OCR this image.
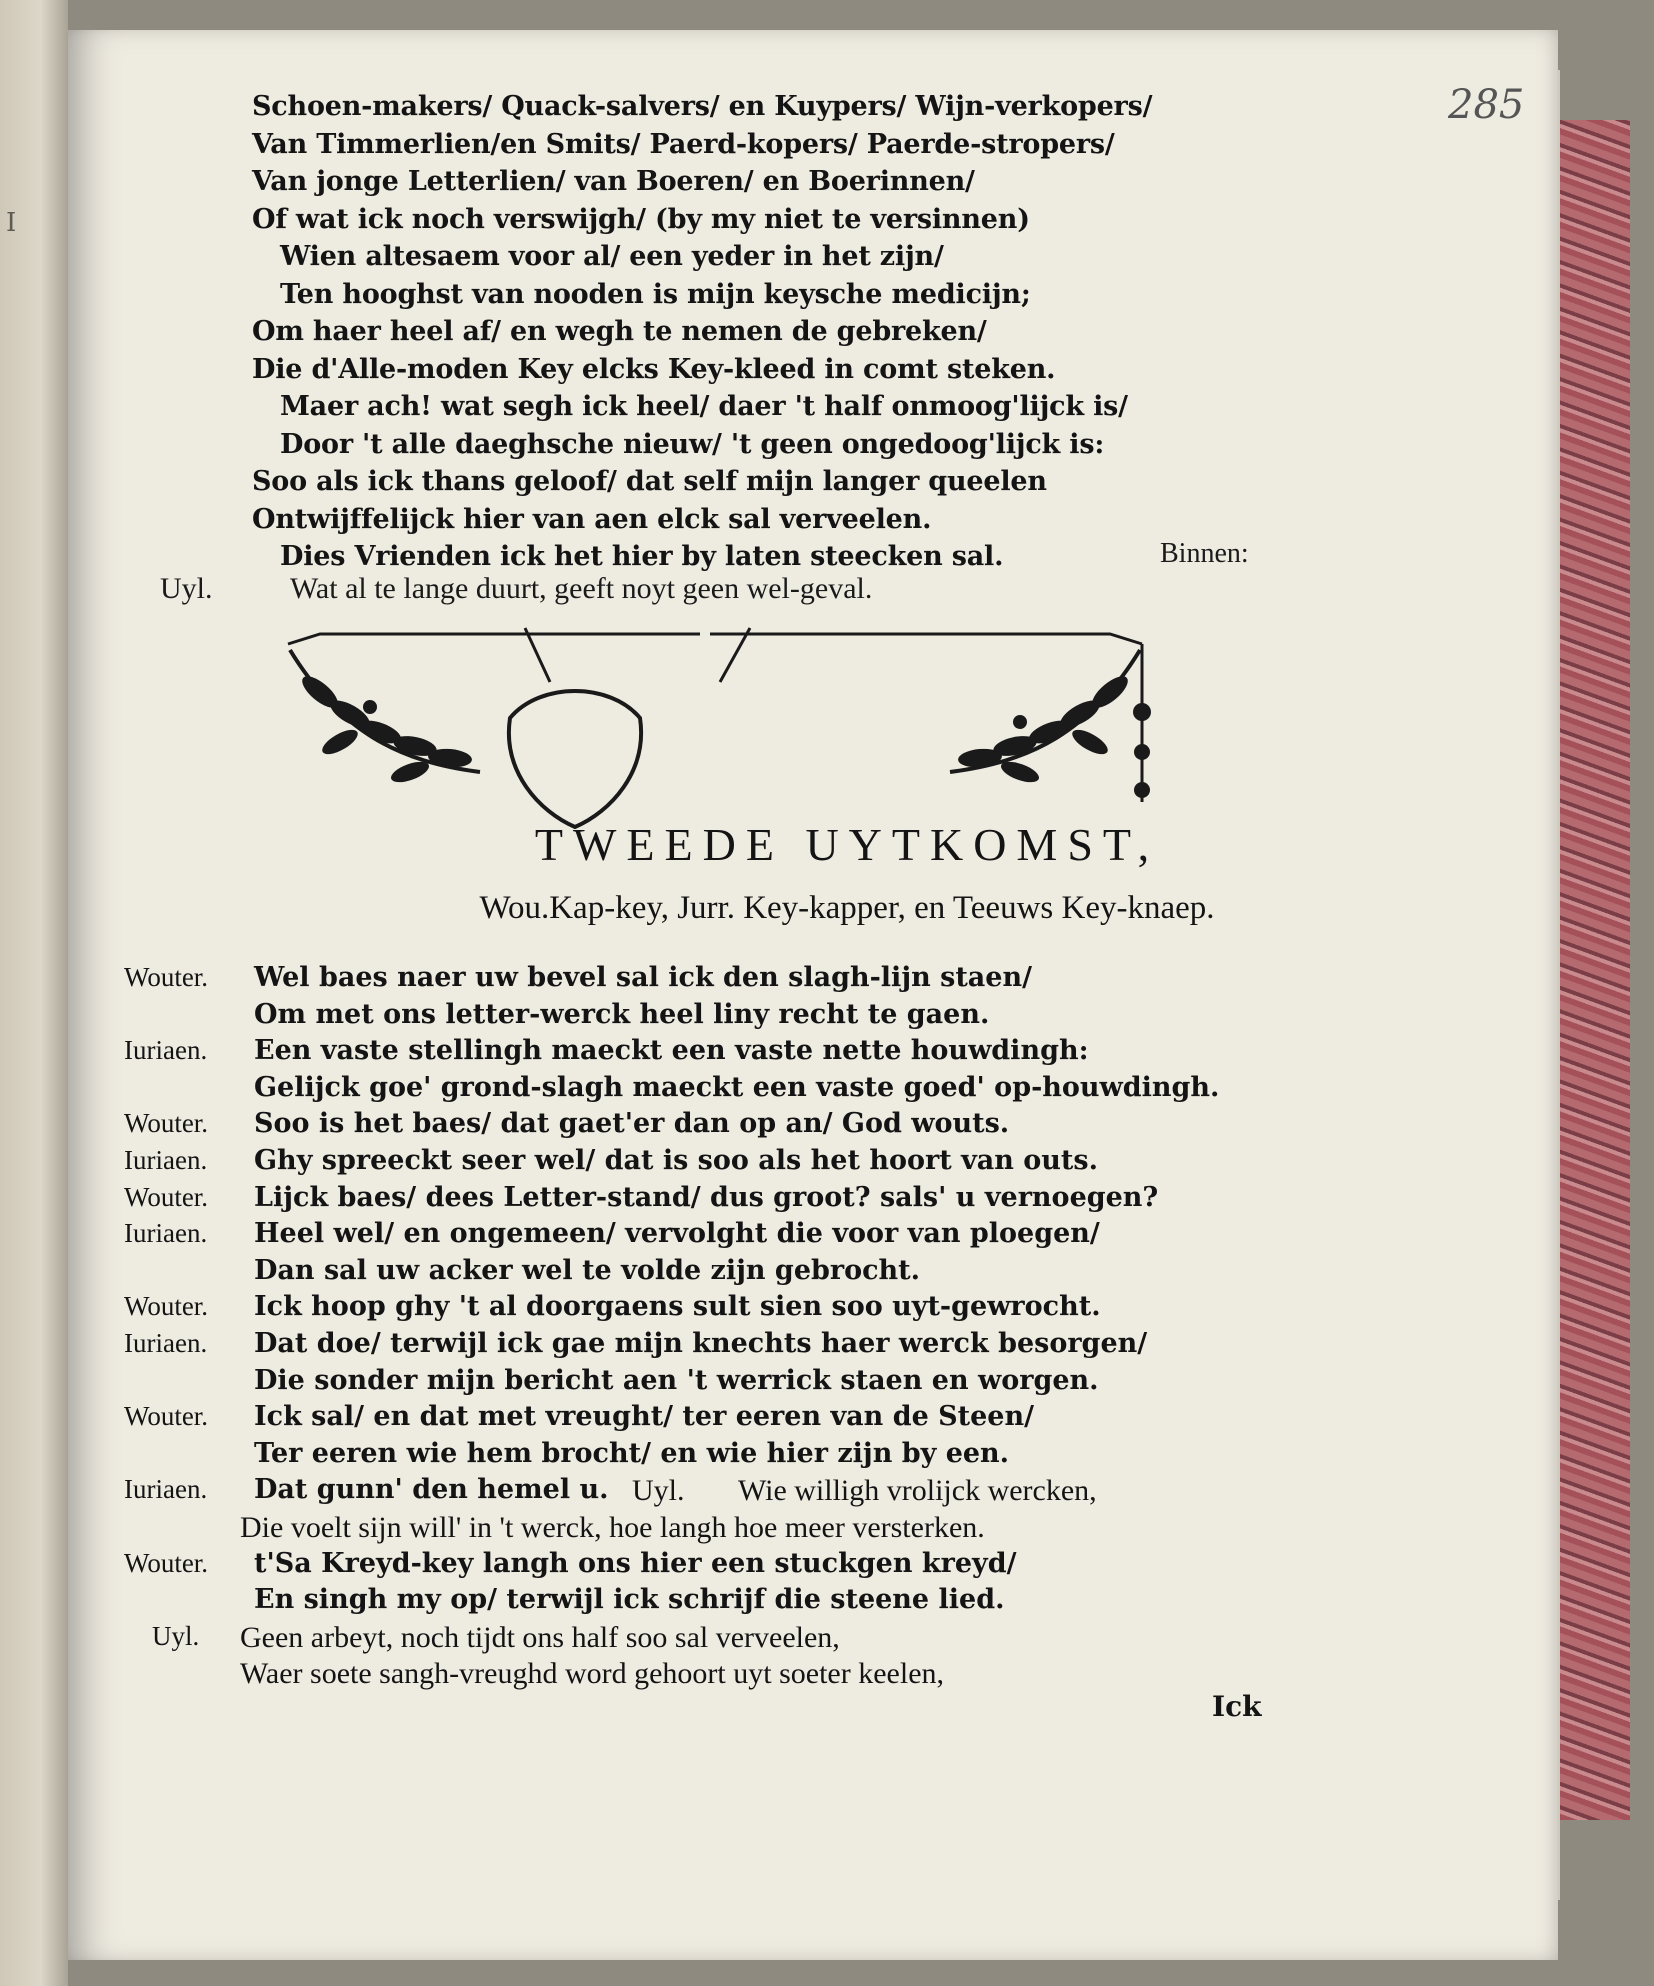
I
285
Schoen-makers/ Quack-salvers/ en Kuypers/ Wijn-verkopers/
Van Timmerlien/en Smits/ Paerd-kopers/ Paerde-stropers/
Van jonge Letterlien/ van Boeren/ en Boerinnen/
Of wat ick noch verswijgh/ (by my niet te versinnen)
Wien altesaem voor al/ een yeder in het zijn/
Ten hooghst van nooden is mijn keysche medicijn;
Om haer heel af/ en wegh te nemen de gebreken/
Die d'Alle-moden Key elcks Key-kleed in comt steken.
Maer ach! wat segh ick heel/ daer 't half onmoog'lijck is/
Door 't alle daeghsche nieuw/ 't geen ongedoog'lijck is:
Soo als ick thans geloof/ dat self mijn langer queelen
Ontwijffelijck hier van aen elck sal verveelen.
Dies Vrienden ick het hier by laten steecken sal.	Binnen:
Uyl.	Wat al te lange duurt, geeft noyt geen wel-geval.
TWEEDE UYTKOMST,
Wou.Kap-key, Jurr. Key-kapper, en Teeuws Key-knaep.
Wouter. Wel baes naer uw bevel sal ick den slagh-lijn staen/
Om met ons letter-werck heel liny recht te gaen.
Iuriaen. Een vaste stellingh maeckt een vaste nette houwdingh:
Gelijck goe' grond-slagh maeckt een vaste goed' op-houwdingh.
Wouter. Soo is het baes/ dat gaet'er dan op an/ God wouts.
Iuriaen. Ghy spreeckt seer wel/ dat is soo als het hoort van outs.
Wouter. Lijck baes/ dees Letter-stand/ dus groot? sals' u vernoegen?
Iuriaen. Heel wel/ en ongemeen/ vervolght die voor van ploegen/
Dan sal uw acker wel te volde zijn gebrocht.
Wouter. Ick hoop ghy 't al doorgaens sult sien soo uyt-gewrocht.
Iuriaen. Dat doe/ terwijl ick gae mijn knechts haer werck besorgen/
Die sonder mijn bericht aen 't werrick staen en worgen.
Wouter. Ick sal/ en dat met vreught/ ter eeren van de Steen/
Ter eeren wie hem brocht/ en wie hier zijn by een.
Iuriaen. Dat gunn' den hemel u. Uyl. Wie willigh vrolijck wercken,
Die voelt sijn will' in 't werck, hoe langh hoe meer versterken.
Wouter. t'Sa Kreyd-key langh ons hier een stuckgen kreyd/
En singh my op/ terwijl ick schrijf die steene lied.
Uyl. Geen arbeyt, noch tijdt ons half soo sal verveelen,
Waer soete sangh-vreughd word gehoort uyt soeter keelen,
Ick
